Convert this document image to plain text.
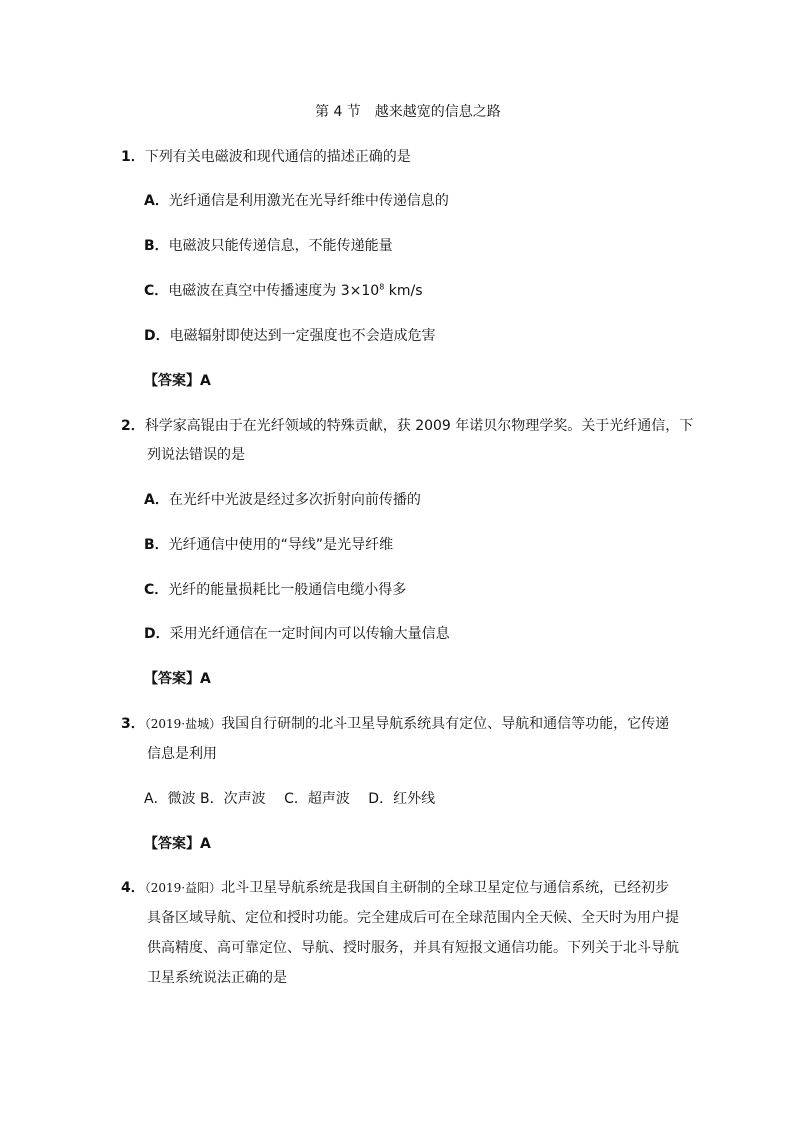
第 4 节　越来越宽的信息之路
1．下列有关电磁波和现代通信的描述正确的是
A．光纤通信是利用激光在光导纤维中传递信息的
B．电磁波只能传递信息，不能传递能量
C．电磁波在真空中传播速度为 $3\times 10^8$ km/s
D．电磁辐射即使达到一定强度也不会造成危害
【答案】A
2．科学家高锟由于在光纤领域的特殊贡献，获 2009 年诺贝尔物理学奖。关于光纤通信，下
列说法错误的是
A．在光纤中光波是经过多次折射向前传播的
B．光纤通信中使用的“导线”是光导纤维
C．光纤的能量损耗比一般通信电缆小得多
D．采用光纤通信在一定时间内可以传输大量信息
【答案】A
3．（2019·盐城）我国自行研制的北斗卫星导航系统具有定位、导航和通信等功能，它传递
信息是利用
A．微波 B．次声波　 C．超声波　 D．红外线
【答案】A
4．（2019·益阳）北斗卫星导航系统是我国自主研制的全球卫星定位与通信系统，已经初步
具备区域导航、定位和授时功能。完全建成后可在全球范围内全天候、全天时为用户提
供高精度、高可靠定位、导航、授时服务，并具有短报文通信功能。下列关于北斗导航
卫星系统说法正确的是
